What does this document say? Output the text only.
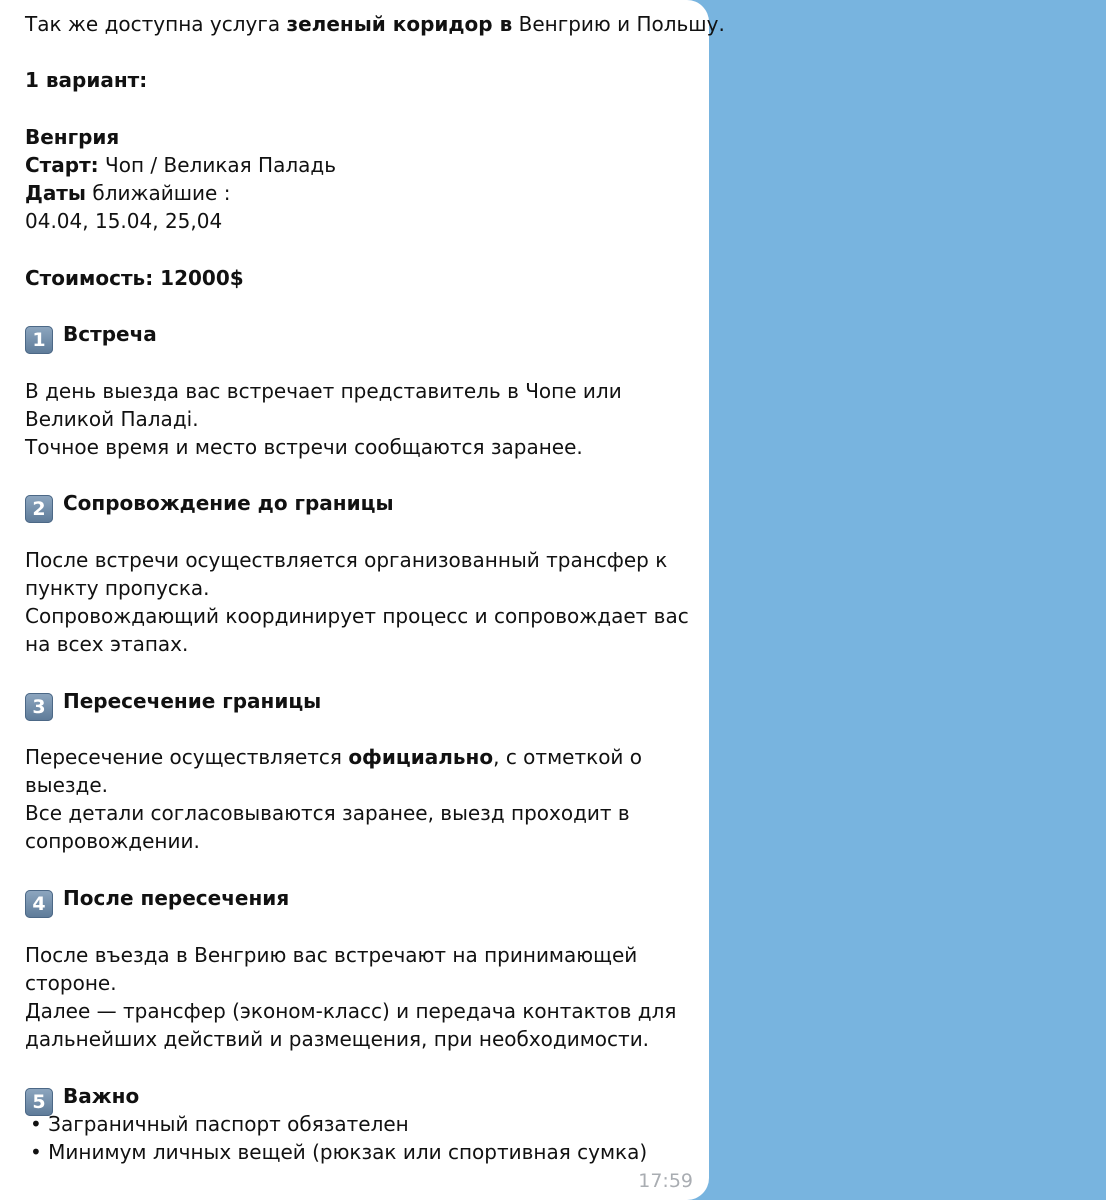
Так же доступна услуга зеленый коридор в Венгрию и Польшу.
1 вариант:
Венгрия
Старт: Чоп / Великая Паладь
Даты ближайшие :
04.04, 15.04, 25,04
Стоимость: 12000$
1 Встреча
В день выезда вас встречает представитель в Чопе или
Великой Паладі.
Точное время и место встречи сообщаются заранее.
2 Сопровождение до границы
После встречи осуществляется организованный трансфер к
пункту пропуска.
Сопровождающий координирует процесс и сопровождает вас
на всех этапах.
3 Пересечение границы
Пересечение осуществляется официально, с отметкой о
выезде.
Все детали согласовываются заранее, выезд проходит в
сопровождении.
4 После пересечения
После въезда в Венгрию вас встречают на принимающей
стороне.
Далее — трансфер (эконом-класс) и передача контактов для
дальнейших действий и размещения, при необходимости.
5 Важно
• Заграничный паспорт обязателен
• Минимум личных вещей (рюкзак или спортивная сумка)
17:59
